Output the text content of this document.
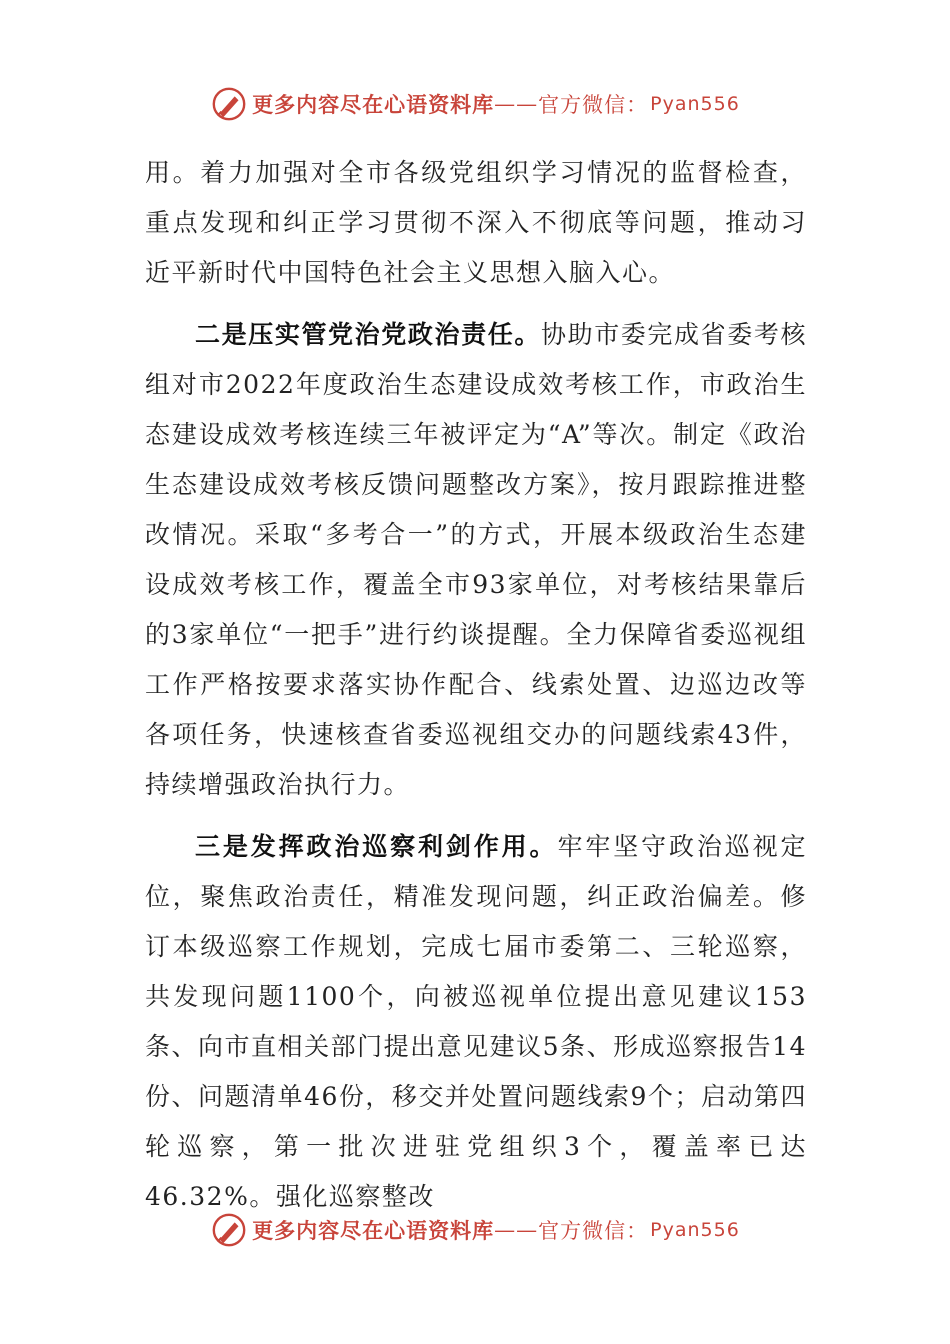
更多内容尽在心语资料库 —— 官方微信： Pyan556

用。着力加强对全市各级党组织学习情况的监督检查，重点发现和纠正学习贯彻不深入不彻底等问题，推动习近平新时代中国特色社会主义思想入脑入心。

二是压实管党治党政治责任。协助市委完成省委考核组对市2022年度政治生态建设成效考核工作，市政治生态建设成效考核连续三年被评定为“A”等次。制定《政治生态建设成效考核反馈问题整改方案》，按月跟踪推进整改情况。采取“多考合一”的方式，开展本级政治生态建设成效考核工作，覆盖全市93家单位，对考核结果靠后的3家单位“一把手”进行约谈提醒。全力保障省委巡视组工作严格按要求落实协作配合、线索处置、边巡边改等各项任务，快速核查省委巡视组交办的问题线索43件，持续增强政治执行力。

三是发挥政治巡察利剑作用。牢牢坚守政治巡视定位，聚焦政治责任，精准发现问题，纠正政治偏差。修订本级巡察工作规划，完成七届市委第二、三轮巡察，共发现问题1100个，向被巡视单位提出意见建议153条、向市直相关部门提出意见建议5条、形成巡察报告14份、问题清单46份，移交并处置问题线索9个；启动第四轮巡察，第一批次进驻党组织3个，覆盖率已达46.32%。强化巡察整改

更多内容尽在心语资料库 —— 官方微信： Pyan556
